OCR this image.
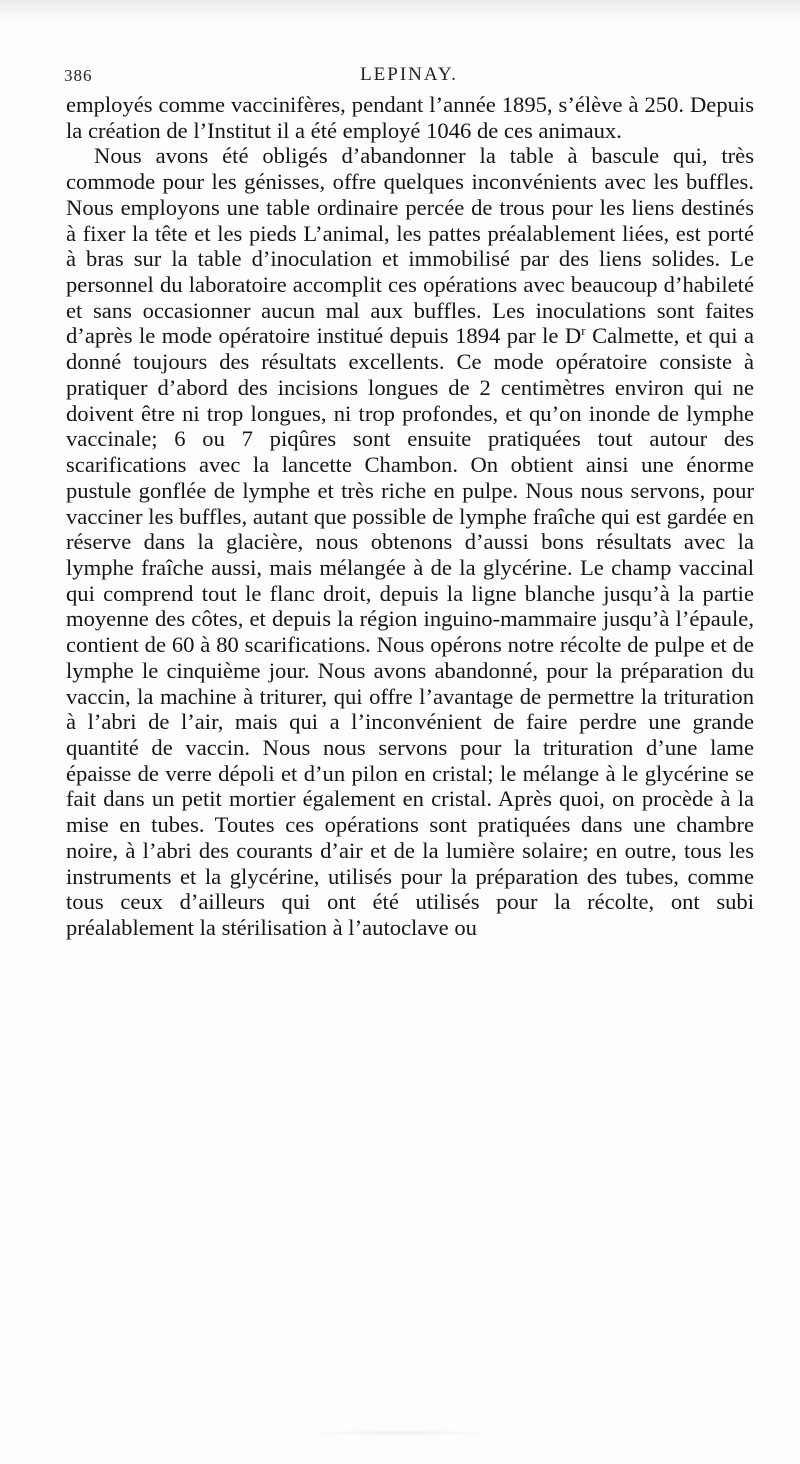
386	LEPINAY.

employés comme vaccinifères, pendant l’année 1895, s’élève à 250. Depuis la création de l’Institut il a été employé 1046 de ces animaux.

Nous avons été obligés d’abandonner la table à bascule qui, très commode pour les génisses, offre quelques inconvénients avec les buffles. Nous employons une table ordinaire percée de trous pour les liens destinés à fixer la tête et les pieds L’animal, les pattes préalablement liées, est porté à bras sur la table d’inoculation et immobilisé par des liens solides. Le personnel du laboratoire accomplit ces opérations avec beaucoup d’habileté et sans occasionner aucun mal aux buffles. Les inoculations sont faites d’après le mode opératoire institué depuis 1894 par le $D^r$ Calmette, et qui a donné toujours des résultats excellents. Ce mode opératoire consiste à pratiquer d’abord des incisions longues de 2 centimètres environ qui ne doivent être ni trop longues, ni trop profondes, et qu’on inonde de lymphe vaccinale; 6 ou 7 piqûres sont ensuite pratiquées tout autour des scarifications avec la lancette Chambon. On obtient ainsi une énorme pustule gonflée de lymphe et très riche en pulpe. Nous nous servons, pour vacciner les buffles, autant que possible de lymphe fraîche qui est gardée en réserve dans la glacière, nous obtenons d’aussi bons résultats avec la lymphe fraîche aussi, mais mélangée à de la glycérine. Le champ vaccinal qui comprend tout le flanc droit, depuis la ligne blanche jusqu’à la partie moyenne des côtes, et depuis la région inguino-mammaire jusqu’à l’épaule, contient de 60 à 80 scarifications. Nous opérons notre récolte de pulpe et de lymphe le cinquième jour. Nous avons abandonné, pour la préparation du vaccin, la machine à triturer, qui offre l’avantage de permettre la trituration à l’abri de l’air, mais qui a l’inconvénient de faire perdre une grande quantité de vaccin. Nous nous servons pour la trituration d’une lame épaisse de verre dépoli et d’un pilon en cristal; le mélange à le glycérine se fait dans un petit mortier également en cristal. Après quoi, on procède à la mise en tubes. Toutes ces opérations sont pratiquées dans une chambre noire, à l’abri des courants d’air et de la lumière solaire; en outre, tous les instruments et la glycérine, utilisés pour la préparation des tubes, comme tous ceux d’ailleurs qui ont été utilisés pour la récolte, ont subi préalablement la stérilisation à l’autoclave ou
